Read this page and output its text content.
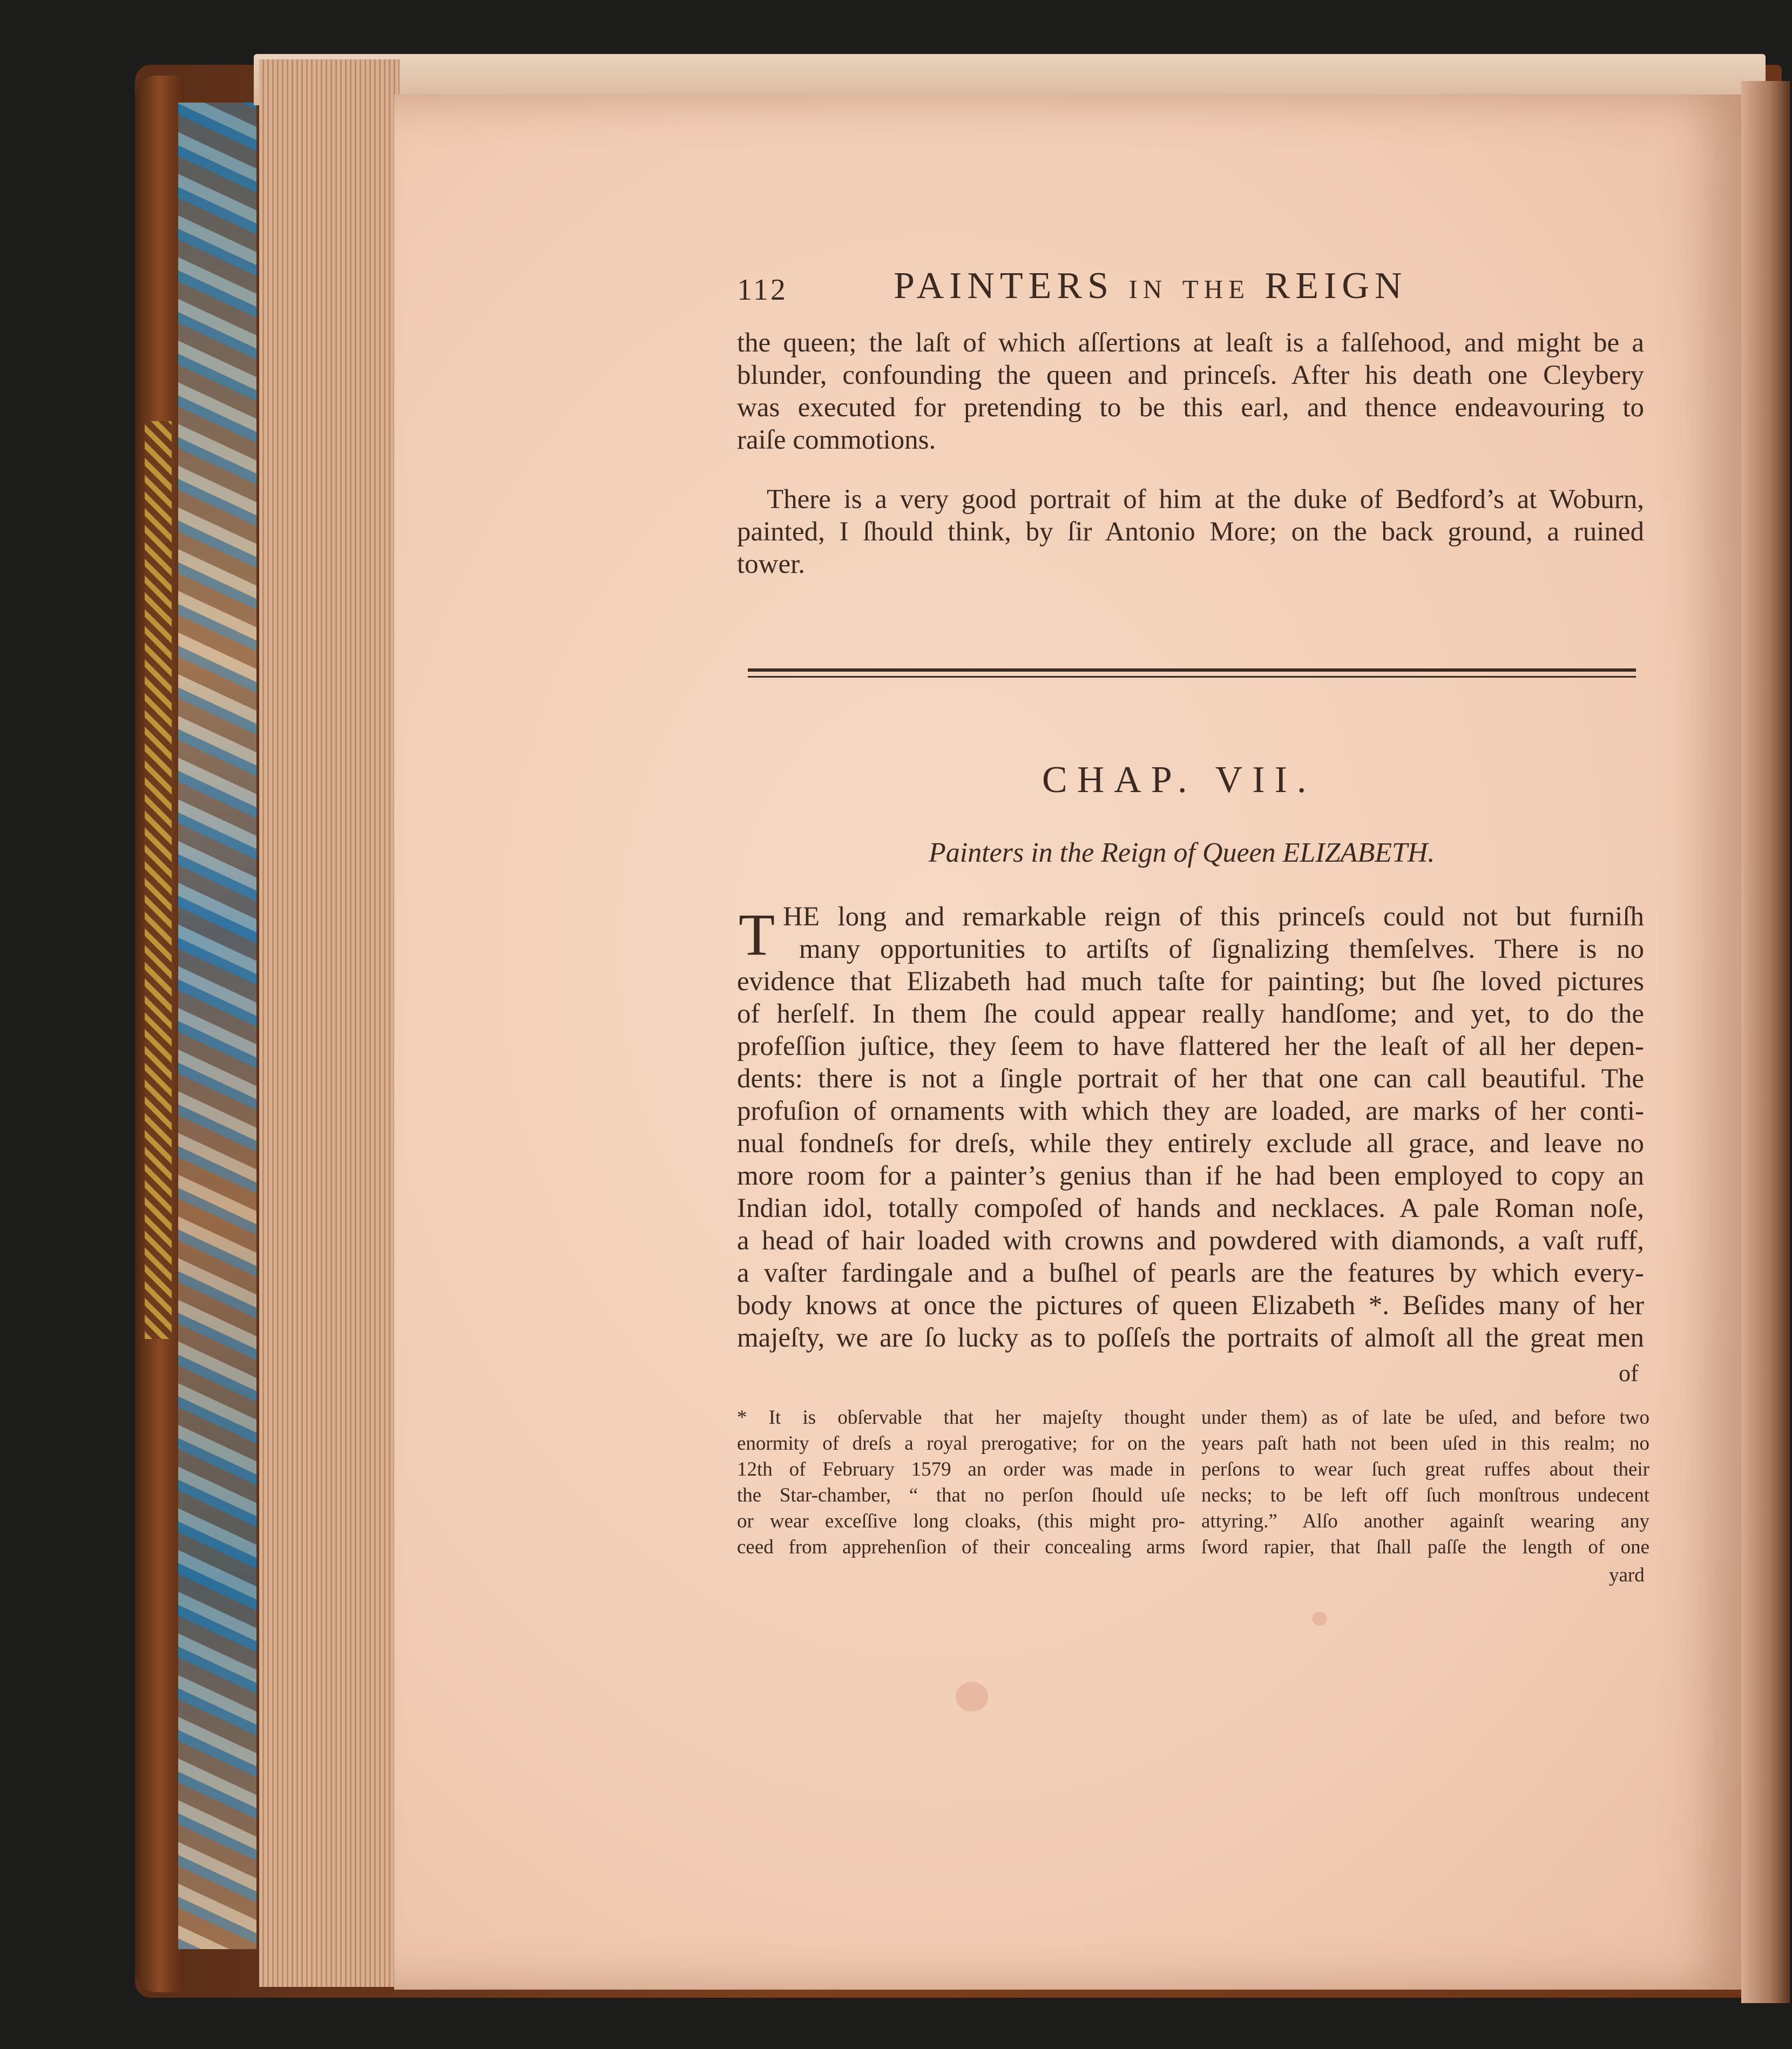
112	PAINTERS in the REIGN
the queen; the laſt of which aſſertions at leaſt is a falſehood, and might be a
blunder, confounding the queen and princeſs. After his death one Cleybery
was executed for pretending to be this earl, and thence endeavouring to
raiſe commotions.
There is a very good portrait of him at the duke of Bedford’s at Woburn,
painted, I ſhould think, by ſir Antonio More; on the back ground, a ruined
tower.
CHAP. VII.
Painters in the Reign of Queen ELIZABETH.
T HE long and remarkable reign of this princeſs could not but furniſh
many opportunities to artiſts of ſignalizing themſelves. There is no
evidence that Elizabeth had much taſte for painting; but ſhe loved pictures
of herſelf. In them ſhe could appear really handſome; and yet, to do the
profeſſion juſtice, they ſeem to have flattered her the leaſt of all her depen-
dents: there is not a ſingle portrait of her that one can call beautiful. The
profuſion of ornaments with which they are loaded, are marks of her conti-
nual fondneſs for dreſs, while they entirely exclude all grace, and leave no
more room for a painter’s genius than if he had been employed to copy an
Indian idol, totally compoſed of hands and necklaces. A pale Roman noſe,
a head of hair loaded with crowns and powdered with diamonds, a vaſt ruff,
a vaſter fardingale and a buſhel of pearls are the features by which every-
body knows at once the pictures of queen Elizabeth *. Beſides many of her
majeſty, we are ſo lucky as to poſſeſs the portraits of almoſt all the great men
of
* It is obſervable that her majeſty thought
enormity of dreſs a royal prerogative; for on the
12th of February 1579 an order was made in
the Star-chamber, “ that no perſon ſhould uſe
or wear exceſſive long cloaks, (this might pro-
ceed from apprehenſion of their concealing arms
under them) as of late be uſed, and before two
years paſt hath not been uſed in this realm; no
perſons to wear ſuch great ruffes about their
necks; to be left off ſuch monſtrous undecent
attyring.” Alſo another againſt wearing any
ſword rapier, that ſhall paſſe the length of one
yard
